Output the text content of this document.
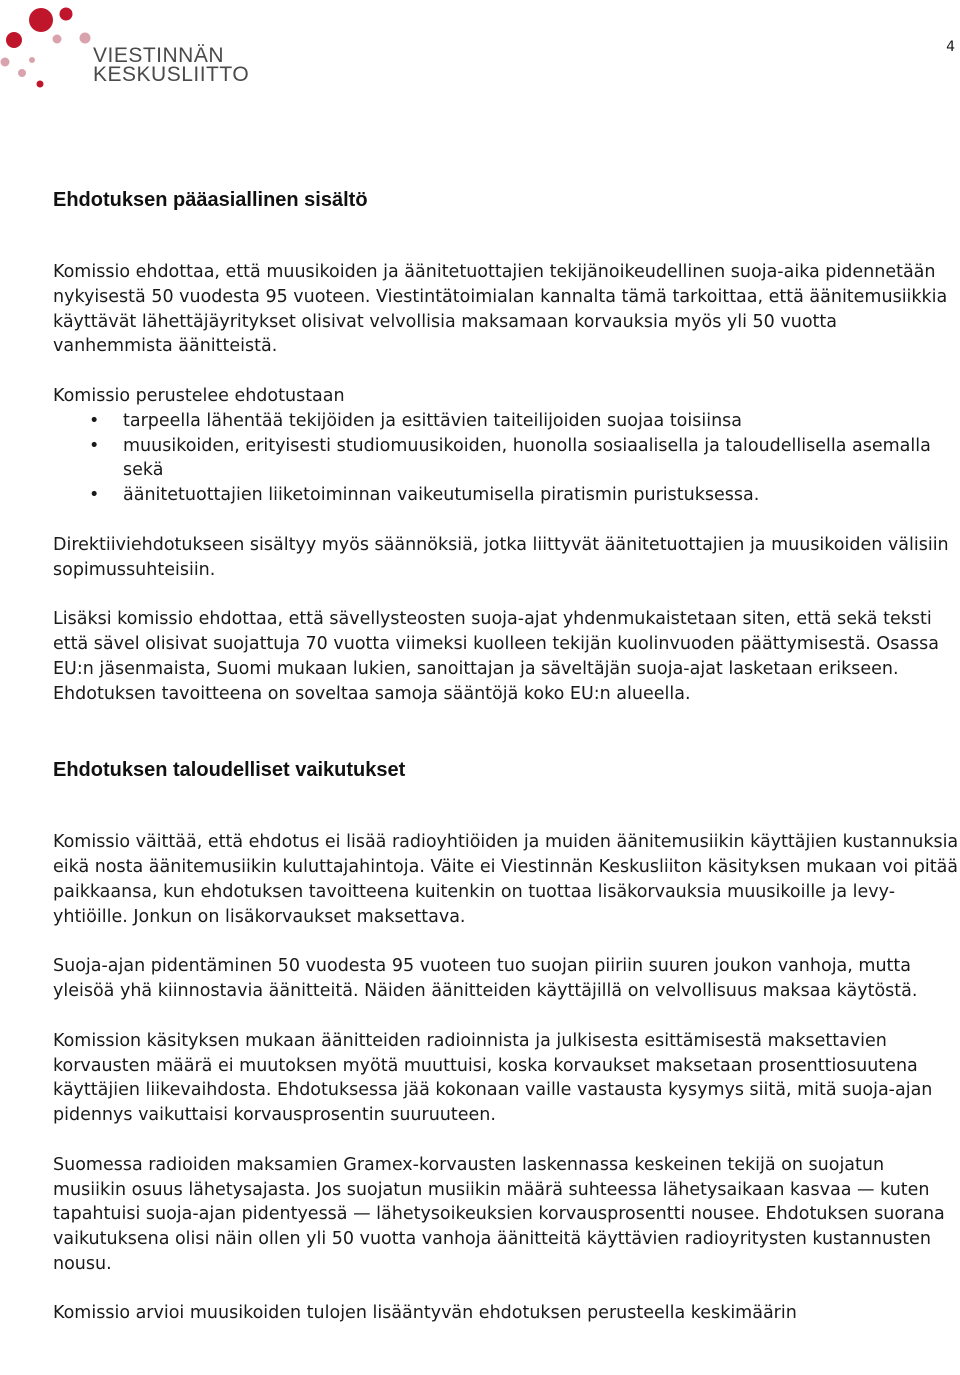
VIESTINNÄN
KESKUSLIITTO
4
Ehdotuksen pääasiallinen sisältö

Komissio ehdottaa, että muusikoiden ja äänitetuottajien tekijänoikeudellinen suoja-aika pidennetään nykyisestä 50 vuodesta 95 vuoteen. Viestintätoimialan kannalta tämä tarkoittaa, että äänitemusiikkia käyttävät lähettäjäyritykset olisivat velvollisia maksamaan korvauksia myös yli 50 vuotta vanhemmista äänitteistä.

Komissio perustelee ehdotustaan

• tarpeella lähentää tekijöiden ja esittävien taiteilijoiden suojaa toisiinsa
• muusikoiden, erityisesti studiomuusikoiden, huonolla sosiaalisella ja taloudellisella asemalla sekä
• äänitetuottajien liiketoiminnan vaikeutumisella piratismin puristuksessa.

Direktiiviehdotukseen sisältyy myös säännöksiä, jotka liittyvät äänitetuottajien ja muusikoiden välisiin sopimussuhteisiin.

Lisäksi komissio ehdottaa, että sävellysteosten suoja-ajat yhdenmukaistetaan siten, että sekä teksti että sävel olisivat suojattuja 70 vuotta viimeksi kuolleen tekijän kuolinvuoden päättymisestä. Osassa EU:n jäsenmaista, Suomi mukaan lukien, sanoittajan ja säveltäjän suoja-ajat lasketaan erikseen. Ehdotuksen tavoitteena on soveltaa samoja sääntöjä koko EU:n alueella.

Ehdotuksen taloudelliset vaikutukset

Komissio väittää, että ehdotus ei lisää radioyhtiöiden ja muiden äänitemusiikin käyttäjien kustannuksia eikä nosta äänitemusiikin kuluttajahintoja. Väite ei Viestinnän Keskusliiton käsityksen mukaan voi pitää paikkaansa, kun ehdotuksen tavoitteena kuitenkin on tuottaa lisäkorvauksia muusikoille ja levy-yhtiöille. Jonkun on lisäkorvaukset maksettava.

Suoja-ajan pidentäminen 50 vuodesta 95 vuoteen tuo suojan piiriin suuren joukon vanhoja, mutta yleisöä yhä kiinnostavia äänitteitä. Näiden äänitteiden käyttäjillä on velvollisuus maksaa käytöstä.

Komission käsityksen mukaan äänitteiden radioinnista ja julkisesta esittämisestä maksettavien korvausten määrä ei muutoksen myötä muuttuisi, koska korvaukset maksetaan prosenttiosuutena käyttäjien liikevaihdosta. Ehdotuksessa jää kokonaan vaille vastausta kysymys siitä, mitä suoja-ajan pidennys vaikuttaisi korvausprosentin suuruuteen.

Suomessa radioiden maksamien Gramex-korvausten laskennassa keskeinen tekijä on suojatun musiikin osuus lähetysajasta. Jos suojatun musiikin määrä suhteessa lähetysaikaan kasvaa — kuten tapahtuisi suoja-ajan pidentyessä — lähetysoikeuksien korvausprosentti nousee. Ehdotuksen suorana vaikutuksena olisi näin ollen yli 50 vuotta vanhoja äänitteitä käyttävien radioyritysten kustannusten nousu.

Komissio arvioi muusikoiden tulojen lisääntyvän ehdotuksen perusteella keskimäärin
